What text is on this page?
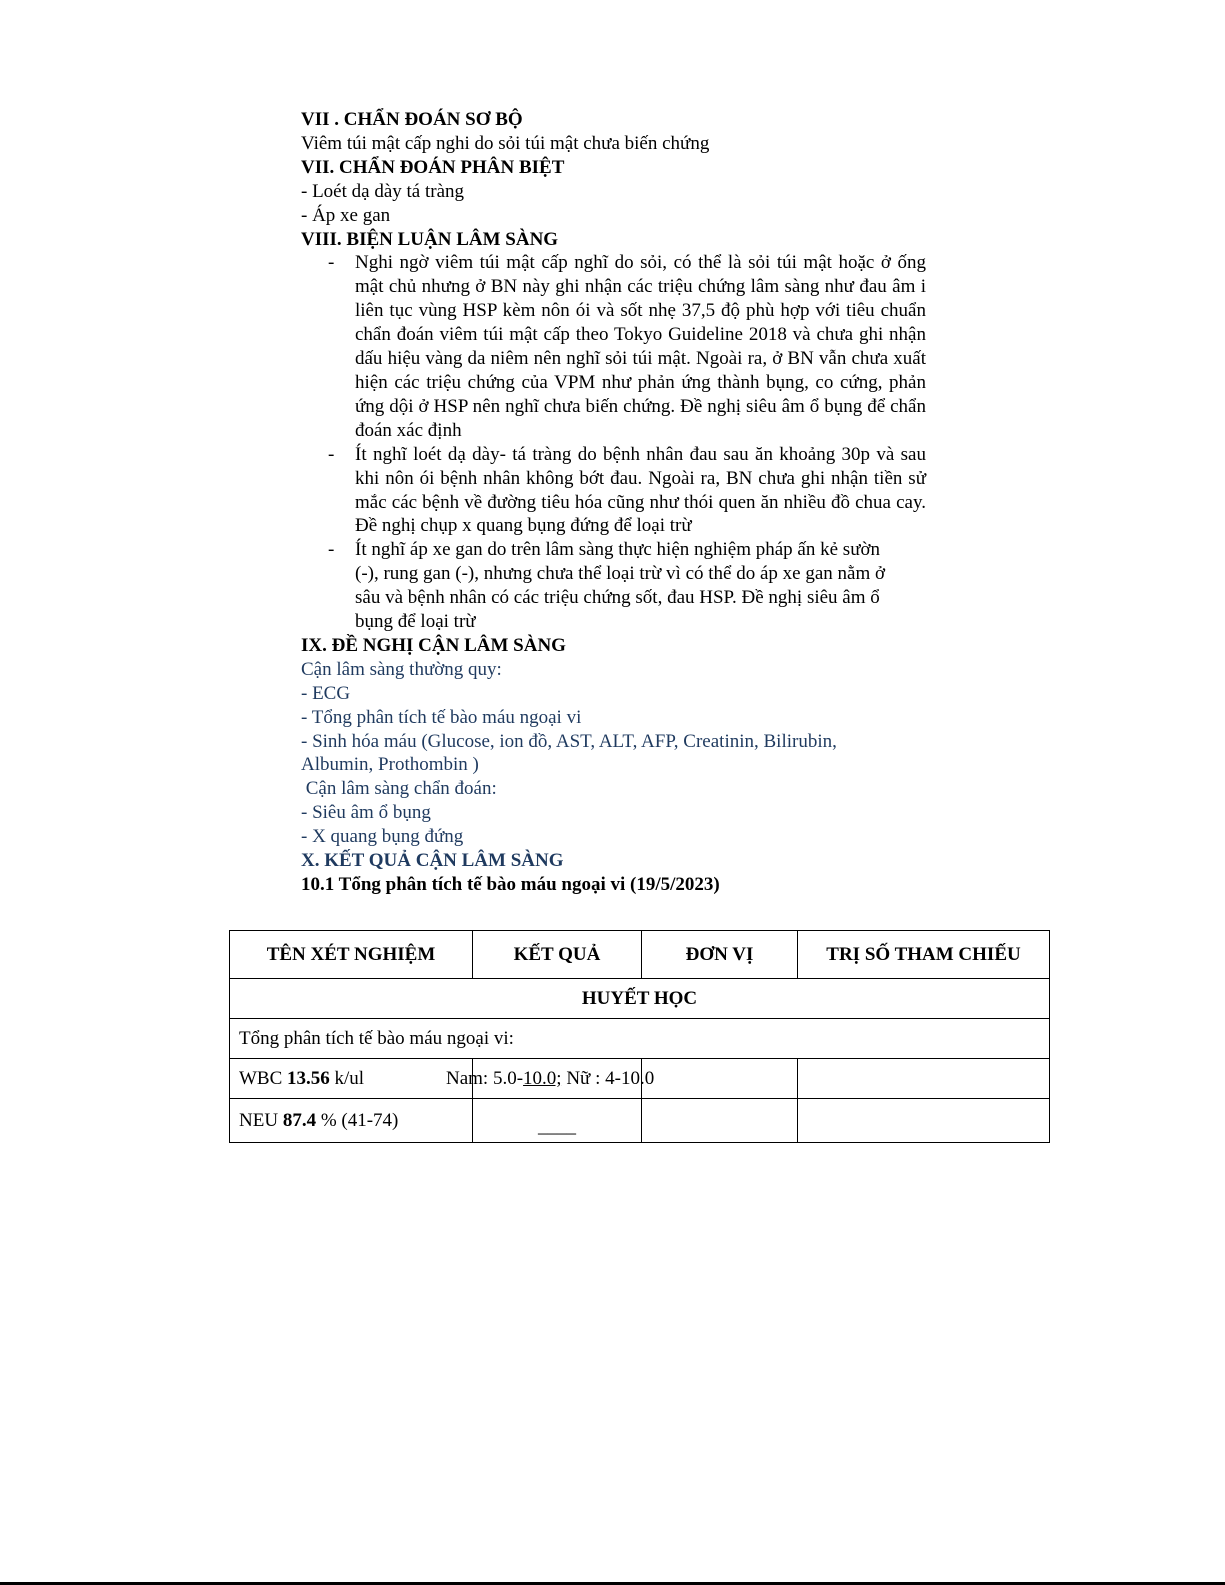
VII . CHẨN ĐOÁN SƠ BỘ

Viêm túi mật cấp nghi do sỏi túi mật chưa biến chứng

VII. CHẨN ĐOÁN PHÂN BIỆT

- Loét dạ dày tá tràng

- Áp xe gan

VIII. BIỆN LUẬN LÂM SÀNG

- Nghi ngờ viêm túi mật cấp nghĩ do sỏi, có thể là sỏi túi mật hoặc ở ống mật chủ nhưng ở BN này ghi nhận các triệu chứng lâm sàng như đau âm i liên tục vùng HSP kèm nôn ói và sốt nhẹ 37,5 độ phù hợp với tiêu chuẩn chẩn đoán viêm túi mật cấp theo Tokyo Guideline 2018 và chưa ghi nhận dấu hiệu vàng da niêm nên nghĩ sỏi túi mật. Ngoài ra, ở BN vẫn chưa xuất hiện các triệu chứng của VPM như phản ứng thành bụng, co cứng, phản ứng dội ở HSP nên nghĩ chưa biến chứng. Đề nghị siêu âm ổ bụng để chẩn đoán xác định
- Ít nghĩ loét dạ dày- tá tràng do bệnh nhân đau sau ăn khoảng 30p và sau khi nôn ói bệnh nhân không bớt đau. Ngoài ra, BN chưa ghi nhận tiền sử mắc các bệnh về đường tiêu hóa cũng như thói quen ăn nhiều đồ chua cay. Đề nghị chụp x quang bụng đứng để loại trừ
- Ít nghĩ áp xe gan do trên lâm sàng thực hiện nghiệm pháp ấn kẻ sườn (-), rung gan (-), nhưng chưa thể loại trừ vì có thể do áp xe gan nằm ở sâu và bệnh nhân có các triệu chứng sốt, đau HSP. Đề nghị siêu âm ổ bụng để loại trừ

IX. ĐỀ NGHỊ CẬN LÂM SÀNG

Cận lâm sàng thường quy:

- ECG

- Tổng phân tích tế bào máu ngoại vi

- Sinh hóa máu (Glucose, ion đồ, AST, ALT, AFP, Creatinin, Bilirubin, Albumin, Prothombin )

Cận lâm sàng chẩn đoán:

- Siêu âm ổ bụng

- X quang bụng đứng

X. KẾT QUẢ CẬN LÂM SÀNG

10.1 Tổng phân tích tế bào máu ngoại vi (19/5/2023)

TÊN XÉT NGHIỆM	KẾT QUẢ	ĐƠN VỊ	TRỊ SỐ THAM CHIẾU
HUYẾT HỌC			
Tổng phân tích tế bào máu ngoại vi:			
WBC 13.56 k/ul Nam: 5.0-10.0; Nữ : 4-10.0			

NEU 87.4 % (41-74)	____		
